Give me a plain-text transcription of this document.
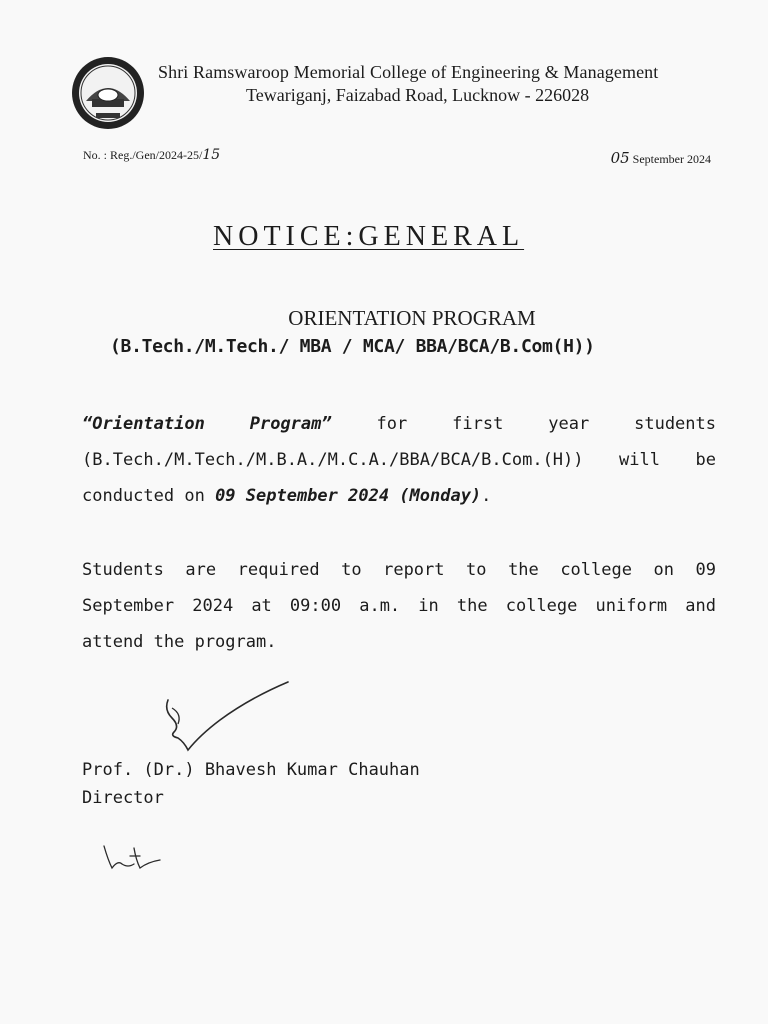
Shri Ramswaroop Memorial College of Engineering & Management
Tewariganj, Faizabad Road, Lucknow - 226028
No. : Reg./Gen/2024-25/15	05 September 2024
NOTICE:GENERAL
ORIENTATION PROGRAM
(B.Tech./M.Tech./ MBA / MCA/ BBA/BCA/B.Com(H))
“Orientation Program” for first year students (B.Tech./M.Tech./M.B.A./M.C.A./BBA/BCA/B.Com.(H)) will be conducted on 09 September 2024 (Monday).
Students are required to report to the college on 09 September 2024 at 09:00 a.m. in the college uniform and attend the program.
Prof. (Dr.) Bhavesh Kumar Chauhan
Director
